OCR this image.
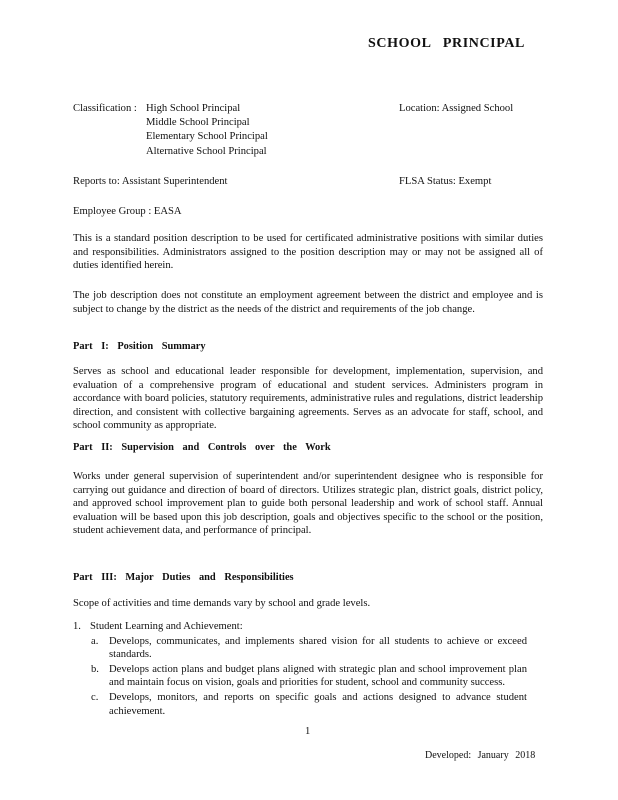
SCHOOL PRINCIPAL
Classification : High School Principal
Middle School Principal
Elementary School Principal
Alternative School Principal
Location: Assigned School
Reports to: Assistant Superintendent	FLSA Status: Exempt
Employee Group : EASA
This is a standard position description to be used for certificated administrative positions with similar duties and responsibilities. Administrators assigned to the position description may or may not be assigned all of duties identified herein.
The job description does not constitute an employment agreement between the district and employee and is subject to change by the district as the needs of the district and requirements of the job change.
Part I: Position Summary
Serves as school and educational leader responsible for development, implementation, supervision, and evaluation of a comprehensive program of educational and student services. Administers program in accordance with board policies, statutory requirements, administrative rules and regulations, district leadership direction, and consistent with collective bargaining agreements. Serves as an advocate for staff, school, and school community as appropriate.
Part II: Supervision and Controls over the Work
Works under general supervision of superintendent and/or superintendent designee who is responsible for carrying out guidance and direction of board of directors. Utilizes strategic plan, district goals, district policy, and approved school improvement plan to guide both personal leadership and work of school staff. Annual evaluation will be based upon this job description, goals and objectives specific to the school or the position, student achievement data, and performance of principal.
Part III: Major Duties and Responsibilities
Scope of activities and time demands vary by school and grade levels.
1. Student Learning and Achievement:
a. Develops, communicates, and implements shared vision for all students to achieve or exceed standards.
b. Develops action plans and budget plans aligned with strategic plan and school improvement plan and maintain focus on vision, goals and priorities for student, school and community success.
c. Develops, monitors, and reports on specific goals and actions designed to advance student achievement.
1
Developed: January 2018
